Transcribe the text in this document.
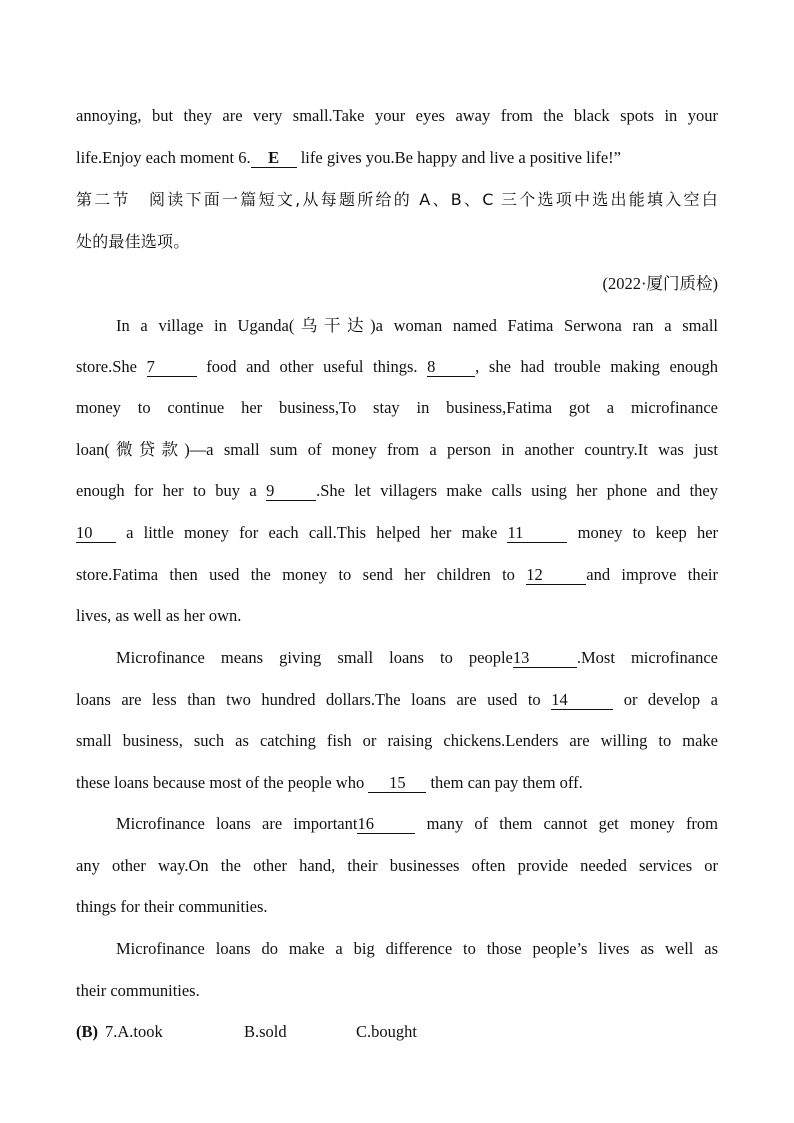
annoying, but they are very small.Take your eyes away from the black spots in your
life.Enjoy each moment 6. E life gives you.Be happy and live a positive life!”
第二节　阅读下面一篇短文,从每题所给的 A、B、C 三个选项中选出能填入空白
处的最佳选项。
(2022·厦门质检)
In a village in Uganda(乌干达)a woman named Fatima Serwona ran a small
store.She 7	food and other useful things. 8 , she had trouble making enough
money to continue her business,To stay in business,Fatima got a microfinance
loan(微贷款)—a small sum of money from a person in another country.It was just
enough for her to buy a 9	.She let villagers make calls using her phone and they
10 a little money for each call.This helped her make 11	money to keep her
store.Fatima then used the money to send her children to 12	and improve their
lives, as well as her own.
Microfinance means giving small loans to people13	.Most microfinance
loans are less than two hundred dollars.The loans are used to 14	or develop a
small business, such as catching fish or raising chickens.Lenders are willing to make
these loans because most of the people who 15 them can pay them off.
Microfinance loans are important16	many of them cannot get money from
any other way.On the other hand, their businesses often provide needed services or
things for their communities.
Microfinance loans do make a big difference to those people’s lives as well as
their communities.
(B) 7.A.took	B.sold	C.bought
